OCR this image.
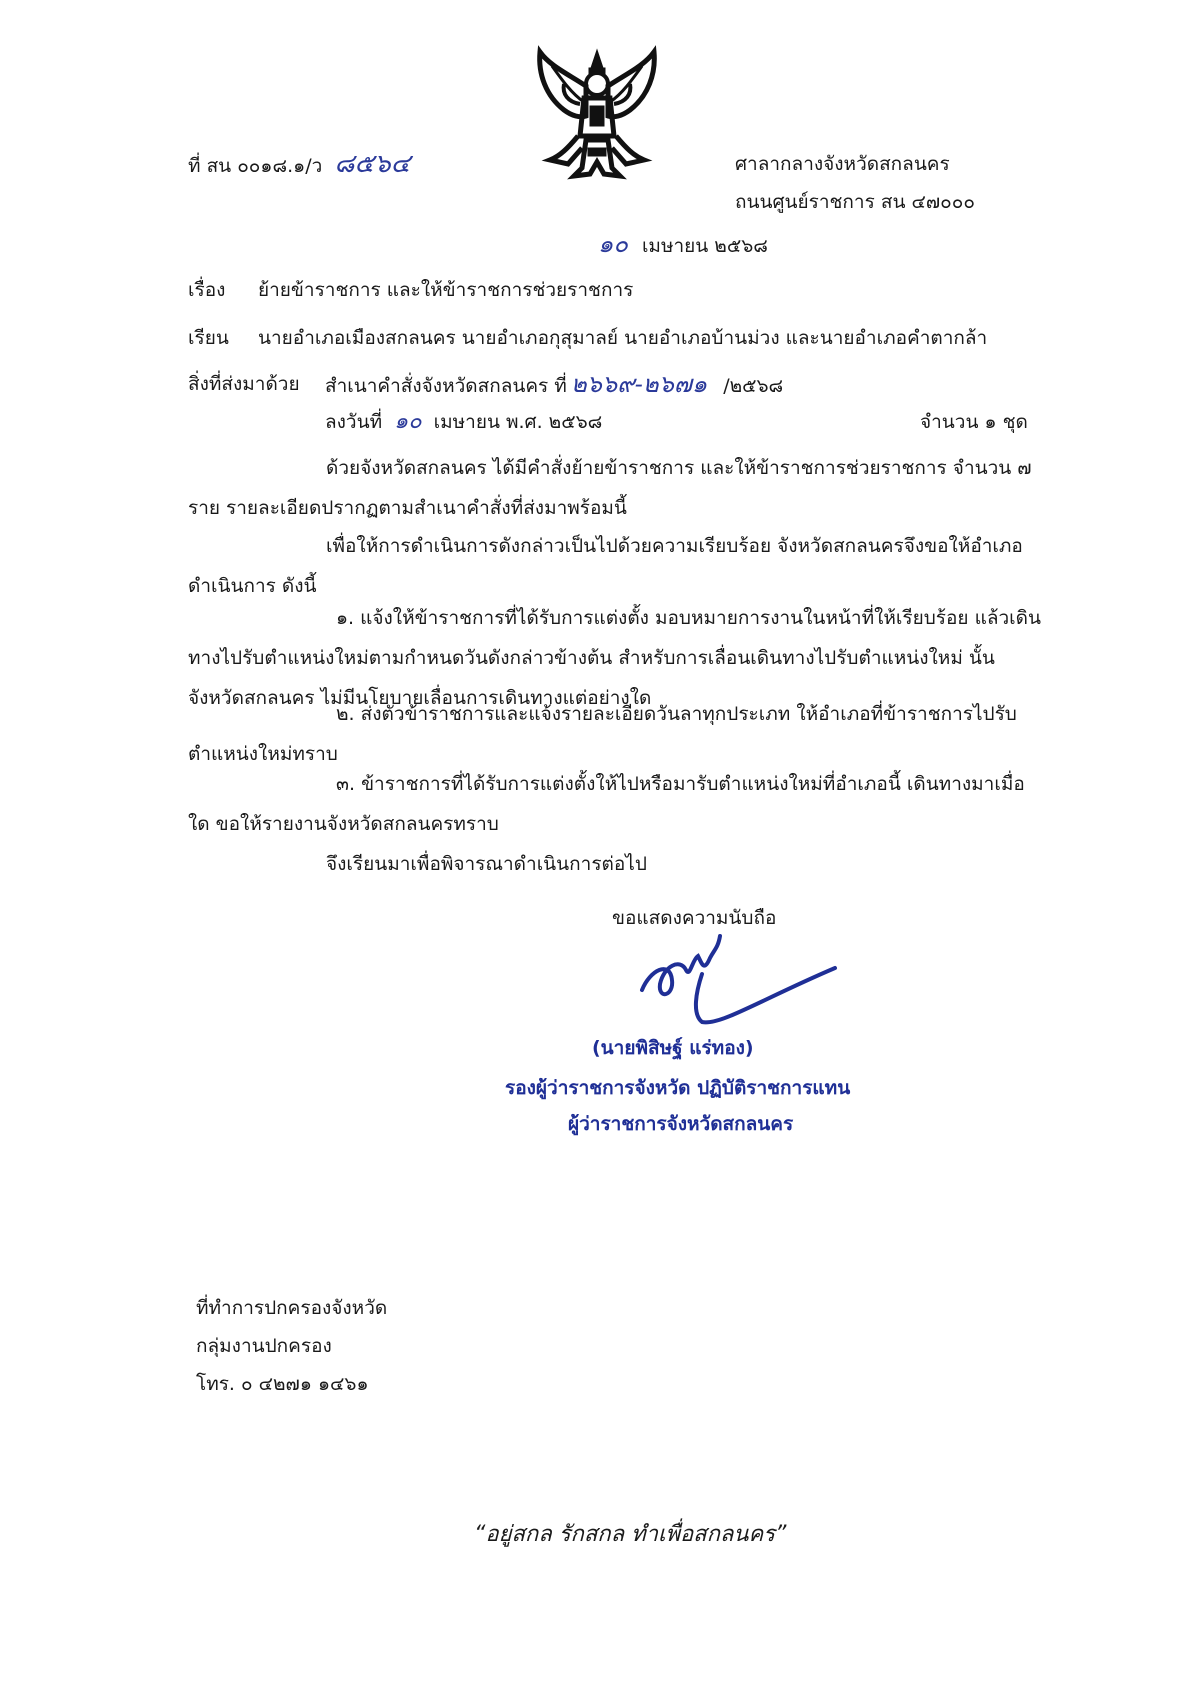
ที่ สน ๐๐๑๘.๑/ว ๘๕๖๔	ศาลากลางจังหวัดสกลนคร
ถนนศูนย์ราชการ สน ๔๗๐๐๐
๑๐ เมษายน ๒๕๖๘
เรื่อง ย้ายข้าราชการ และให้ข้าราชการช่วยราชการ
เรียน นายอำเภอเมืองสกลนคร นายอำเภอกุสุมาลย์ นายอำเภอบ้านม่วง และนายอำเภอคำตากล้า
สิ่งที่ส่งมาด้วย สำเนาคำสั่งจังหวัดสกลนคร ที่ ๒๖๖๙-๒๖๗๑ /๒๕๖๘
ลงวันที่ ๑๐ เมษายน พ.ศ. ๒๕๖๘	จำนวน ๑ ชุด
ด้วยจังหวัดสกลนคร ได้มีคำสั่งย้ายข้าราชการ และให้ข้าราชการช่วยราชการ จำนวน ๗ ราย รายละเอียดปรากฏตามสำเนาคำสั่งที่ส่งมาพร้อมนี้
เพื่อให้การดำเนินการดังกล่าวเป็นไปด้วยความเรียบร้อย จังหวัดสกลนครจึงขอให้อำเภอ ดำเนินการ ดังนี้
๑. แจ้งให้ข้าราชการที่ได้รับการแต่งตั้ง มอบหมายการงานในหน้าที่ให้เรียบร้อย แล้วเดินทางไปรับตำแหน่งใหม่ตามกำหนดวันดังกล่าวข้างต้น สำหรับการเลื่อนเดินทางไปรับตำแหน่งใหม่ นั้น จังหวัดสกลนคร ไม่มีนโยบายเลื่อนการเดินทางแต่อย่างใด
๒. ส่งตัวข้าราชการและแจ้งรายละเอียดวันลาทุกประเภท ให้อำเภอที่ข้าราชการไปรับ ตำแหน่งใหม่ทราบ
๓. ข้าราชการที่ได้รับการแต่งตั้งให้ไปหรือมารับตำแหน่งใหม่ที่อำเภอนี้ เดินทางมาเมื่อใด ขอให้รายงานจังหวัดสกลนครทราบ
จึงเรียนมาเพื่อพิจารณาดำเนินการต่อไป
ขอแสดงความนับถือ
(นายพิสิษฐ์ แร่ทอง)
รองผู้ว่าราชการจังหวัด ปฏิบัติราชการแทน
ผู้ว่าราชการจังหวัดสกลนคร
ที่ทำการปกครองจังหวัด
กลุ่มงานปกครอง
โทร. ๐ ๔๒๗๑ ๑๔๖๑
“อยู่สกล รักสกล ทำเพื่อสกลนคร”
